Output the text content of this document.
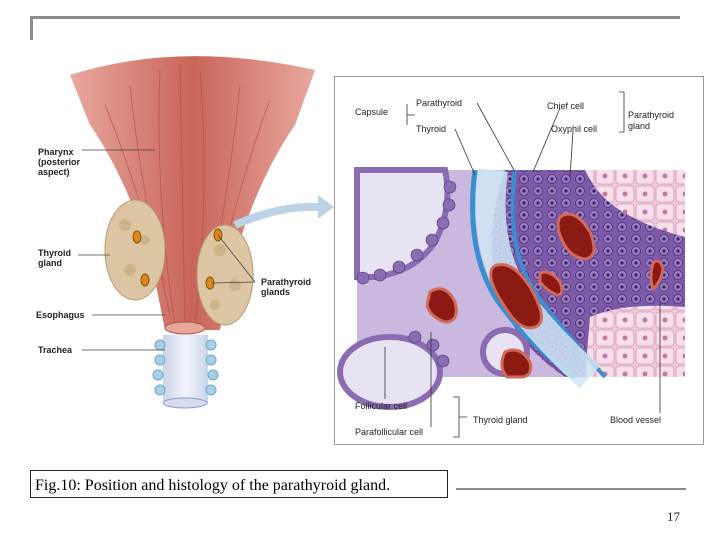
Pharynx
(posterior
aspect)
Thyroid
gland
Parathyroid
glands
Esophagus
Trachea
Capsule
Parathyroid
Thyroid
Chief cell
Oxyphil cell
Parathyroid
gland
Follicular cell
Parafollicular cell
Thyroid gland	Blood vessel
Fig.10: Position and histology of the parathyroid gland.
17
